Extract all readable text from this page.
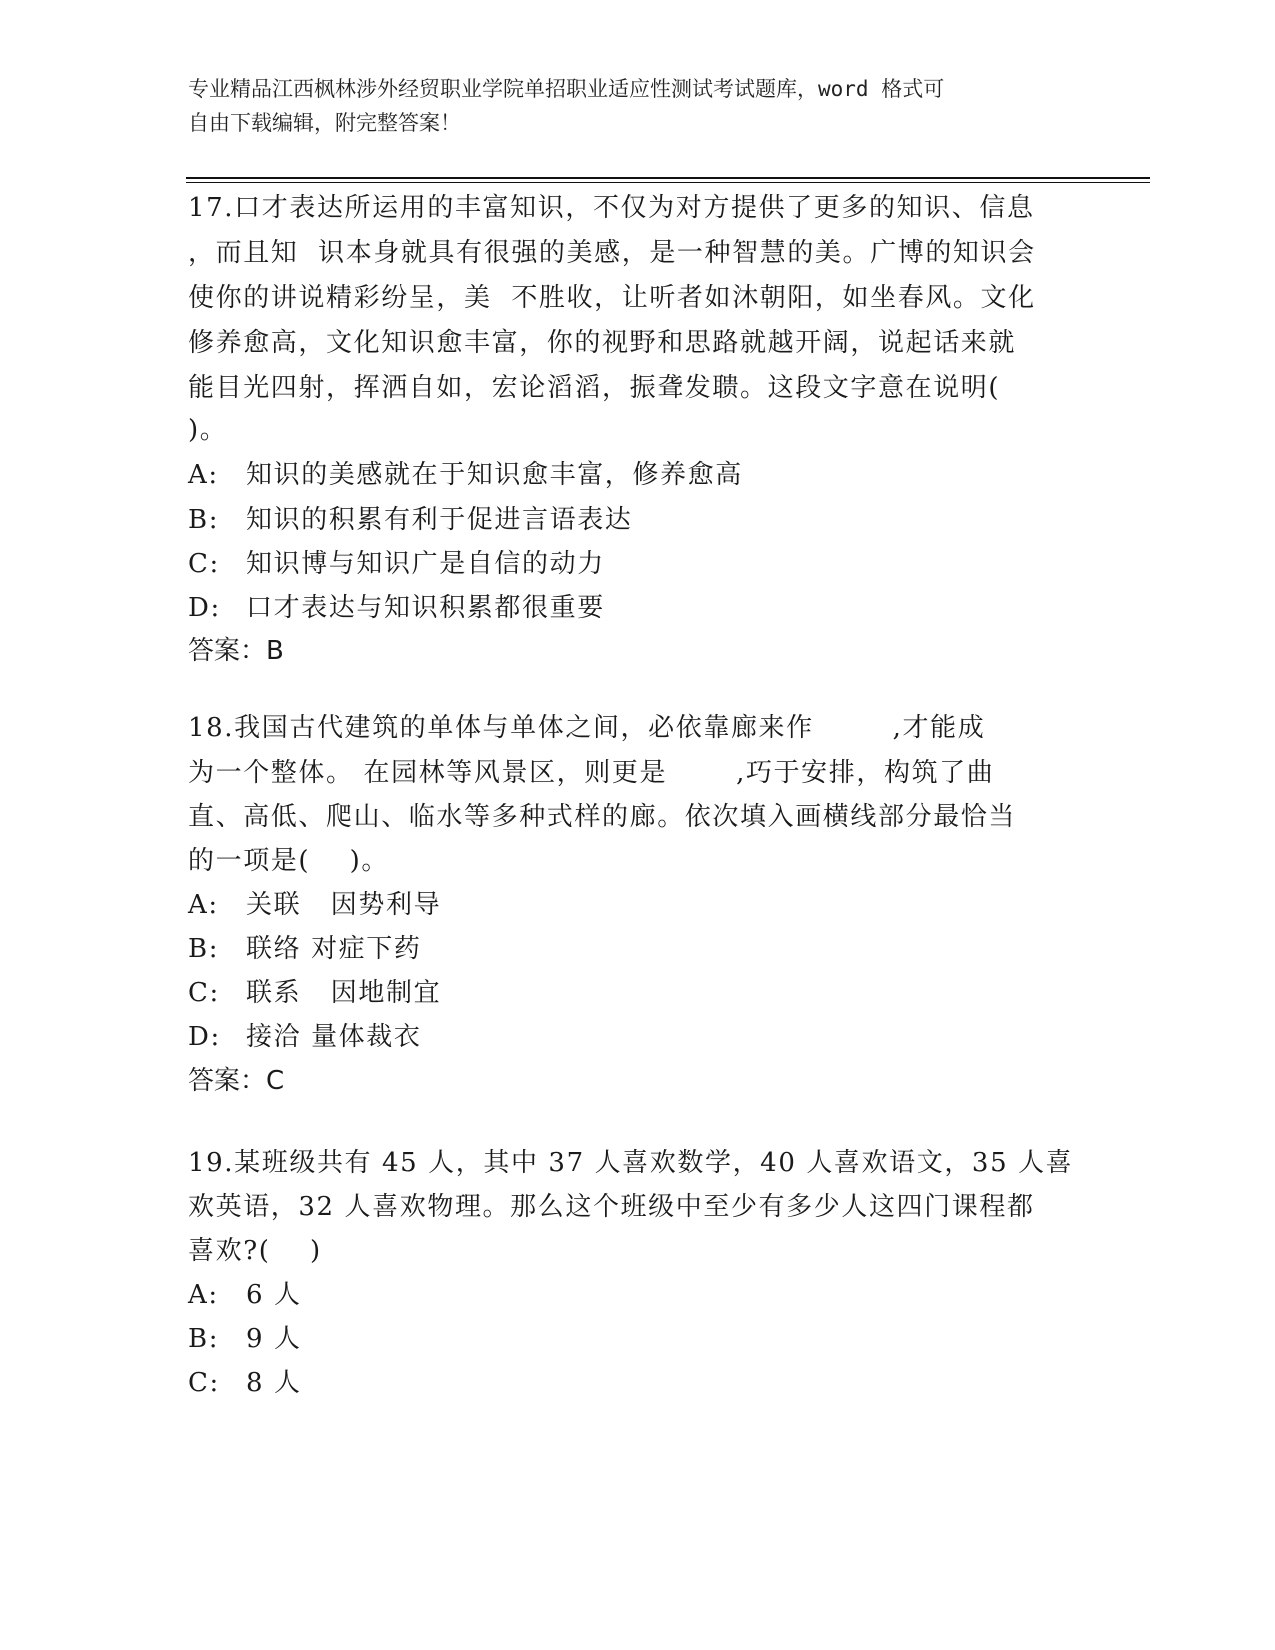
专业精品江西枫林涉外经贸职业学院单招职业适应性测试考试题库，word 格式可
自由下载编辑，附完整答案！
17.口才表达所运用的丰富知识，不仅为对方提供了更多的知识、信息
，而且知  识本身就具有很强的美感，是一种智慧的美。广博的知识会
使你的讲说精彩纷呈，美  不胜收，让听者如沐朝阳，如坐春风。文化
修养愈高，文化知识愈丰富，你的视野和思路就越开阔，说起话来就
能目光四射，挥洒自如，宏论滔滔，振聋发聩。这段文字意在说明(
)。
A: 知识的美感就在于知识愈丰富，修养愈高
B: 知识的积累有利于促进言语表达
C: 知识博与知识广是自信的动力
D: 口才表达与知识积累都很重要
答案：B
18.我国古代建筑的单体与单体之间，必依靠廊来作        ,才能成
为一个整体。 在园林等风景区，则更是       ,巧于安排，构筑了曲
直、高低、爬山、临水等多种式样的廊。依次填入画横线部分最恰当
的一项是(    )。
A: 关联   因势利导
B: 联络 对症下药
C: 联系   因地制宜
D: 接洽 量体裁衣
答案：C
19.某班级共有 45 人，其中 37 人喜欢数学，40 人喜欢语文，35 人喜
欢英语，32 人喜欢物理。那么这个班级中至少有多少人这四门课程都
喜欢?(    )
A: 6 人
B: 9 人
C: 8 人
